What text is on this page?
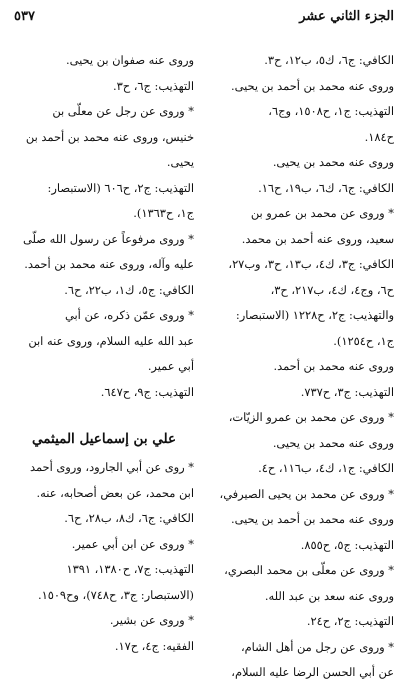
٥٣٧	الجزء الثاني عشر
الكافي: ج٦، ك٥، ب١٢، ح٣.
وروى عنه محمد بن أحمد بن يحيى.
التهذيب: ج١، ح١٥٠٨، وج٦،
ح١٨٤.
وروى عنه محمد بن يحيى.
الكافي: ج٦، ك٦، ب١٩، ح١٦.
* وروى عن محمد بن عمرو بن
سعيد، وروى عنه أحمد بن محمد.
الكافي: ج٣، ك٤، ب١٣، ح٣، وب٢٧،
ح٦، وج٤، ك٤، ب٢١٧، ح٣،
والتهذيب: ج٢، ح١٢٢٨ (الاستبصار:
ج١، ح١٢٥٤).
وروى عنه محمد بن أحمد.
التهذيب: ج٣، ح٧٣٧.
* وروى عن محمد بن عمرو الزيّات،
وروى عنه محمد بن يحيى.
الكافي: ج١، ك٤، ب١١٦، ح٤.
* وروى عن محمد بن يحيى الصيرفي،
وروى عنه محمد بن أحمد بن يحيى.
التهذيب: ج٥، ح٨٥٥.
* وروى عن معلّى بن محمد البصري،
وروى عنه سعد بن عبد الله.
التهذيب: ج٢، ح٢٤.
* وروى عن رجل من أهل الشام،
عن أبي الحسن الرضا عليه السلام،
وروى عنه صفوان بن يحيى.
التهذيب: ج٦، ح٣.
* وروى عن رجل عن معلّى بن
خنيس، وروى عنه محمد بن أحمد بن
يحيى.
التهذيب: ج٢، ح٦٠٦ (الاستبصار:
ج١، ح١٣٦٣).
* وروى مرفوعاً عن رسول الله صلّى
عليه وآله، وروى عنه محمد بن أحمد.
الكافي: ج٥، ك١، ب٢٢، ح٦.
* وروى عمّن ذكره، عن أبي
عبد الله عليه السلام، وروى عنه ابن
أبي عمير.
التهذيب: ج٩، ح٦٤٧.
علي بن إسماعيل الميثمي
* روى عن أبي الجارود، وروى أحمد
ابن محمد، عن بعض أصحابه، عنه.
الكافي: ج٦، ك٨، ب٢٨، ح٦.
* وروى عن ابن أبي عمير.
التهذيب: ج٧، ح١٣٨٠، ١٣٩١
(الاستبصار: ج٣، ح٧٤٨)، وح١٥٠٩.
* وروى عن بشير.
الفقيه: ج٤، ح١٧.
